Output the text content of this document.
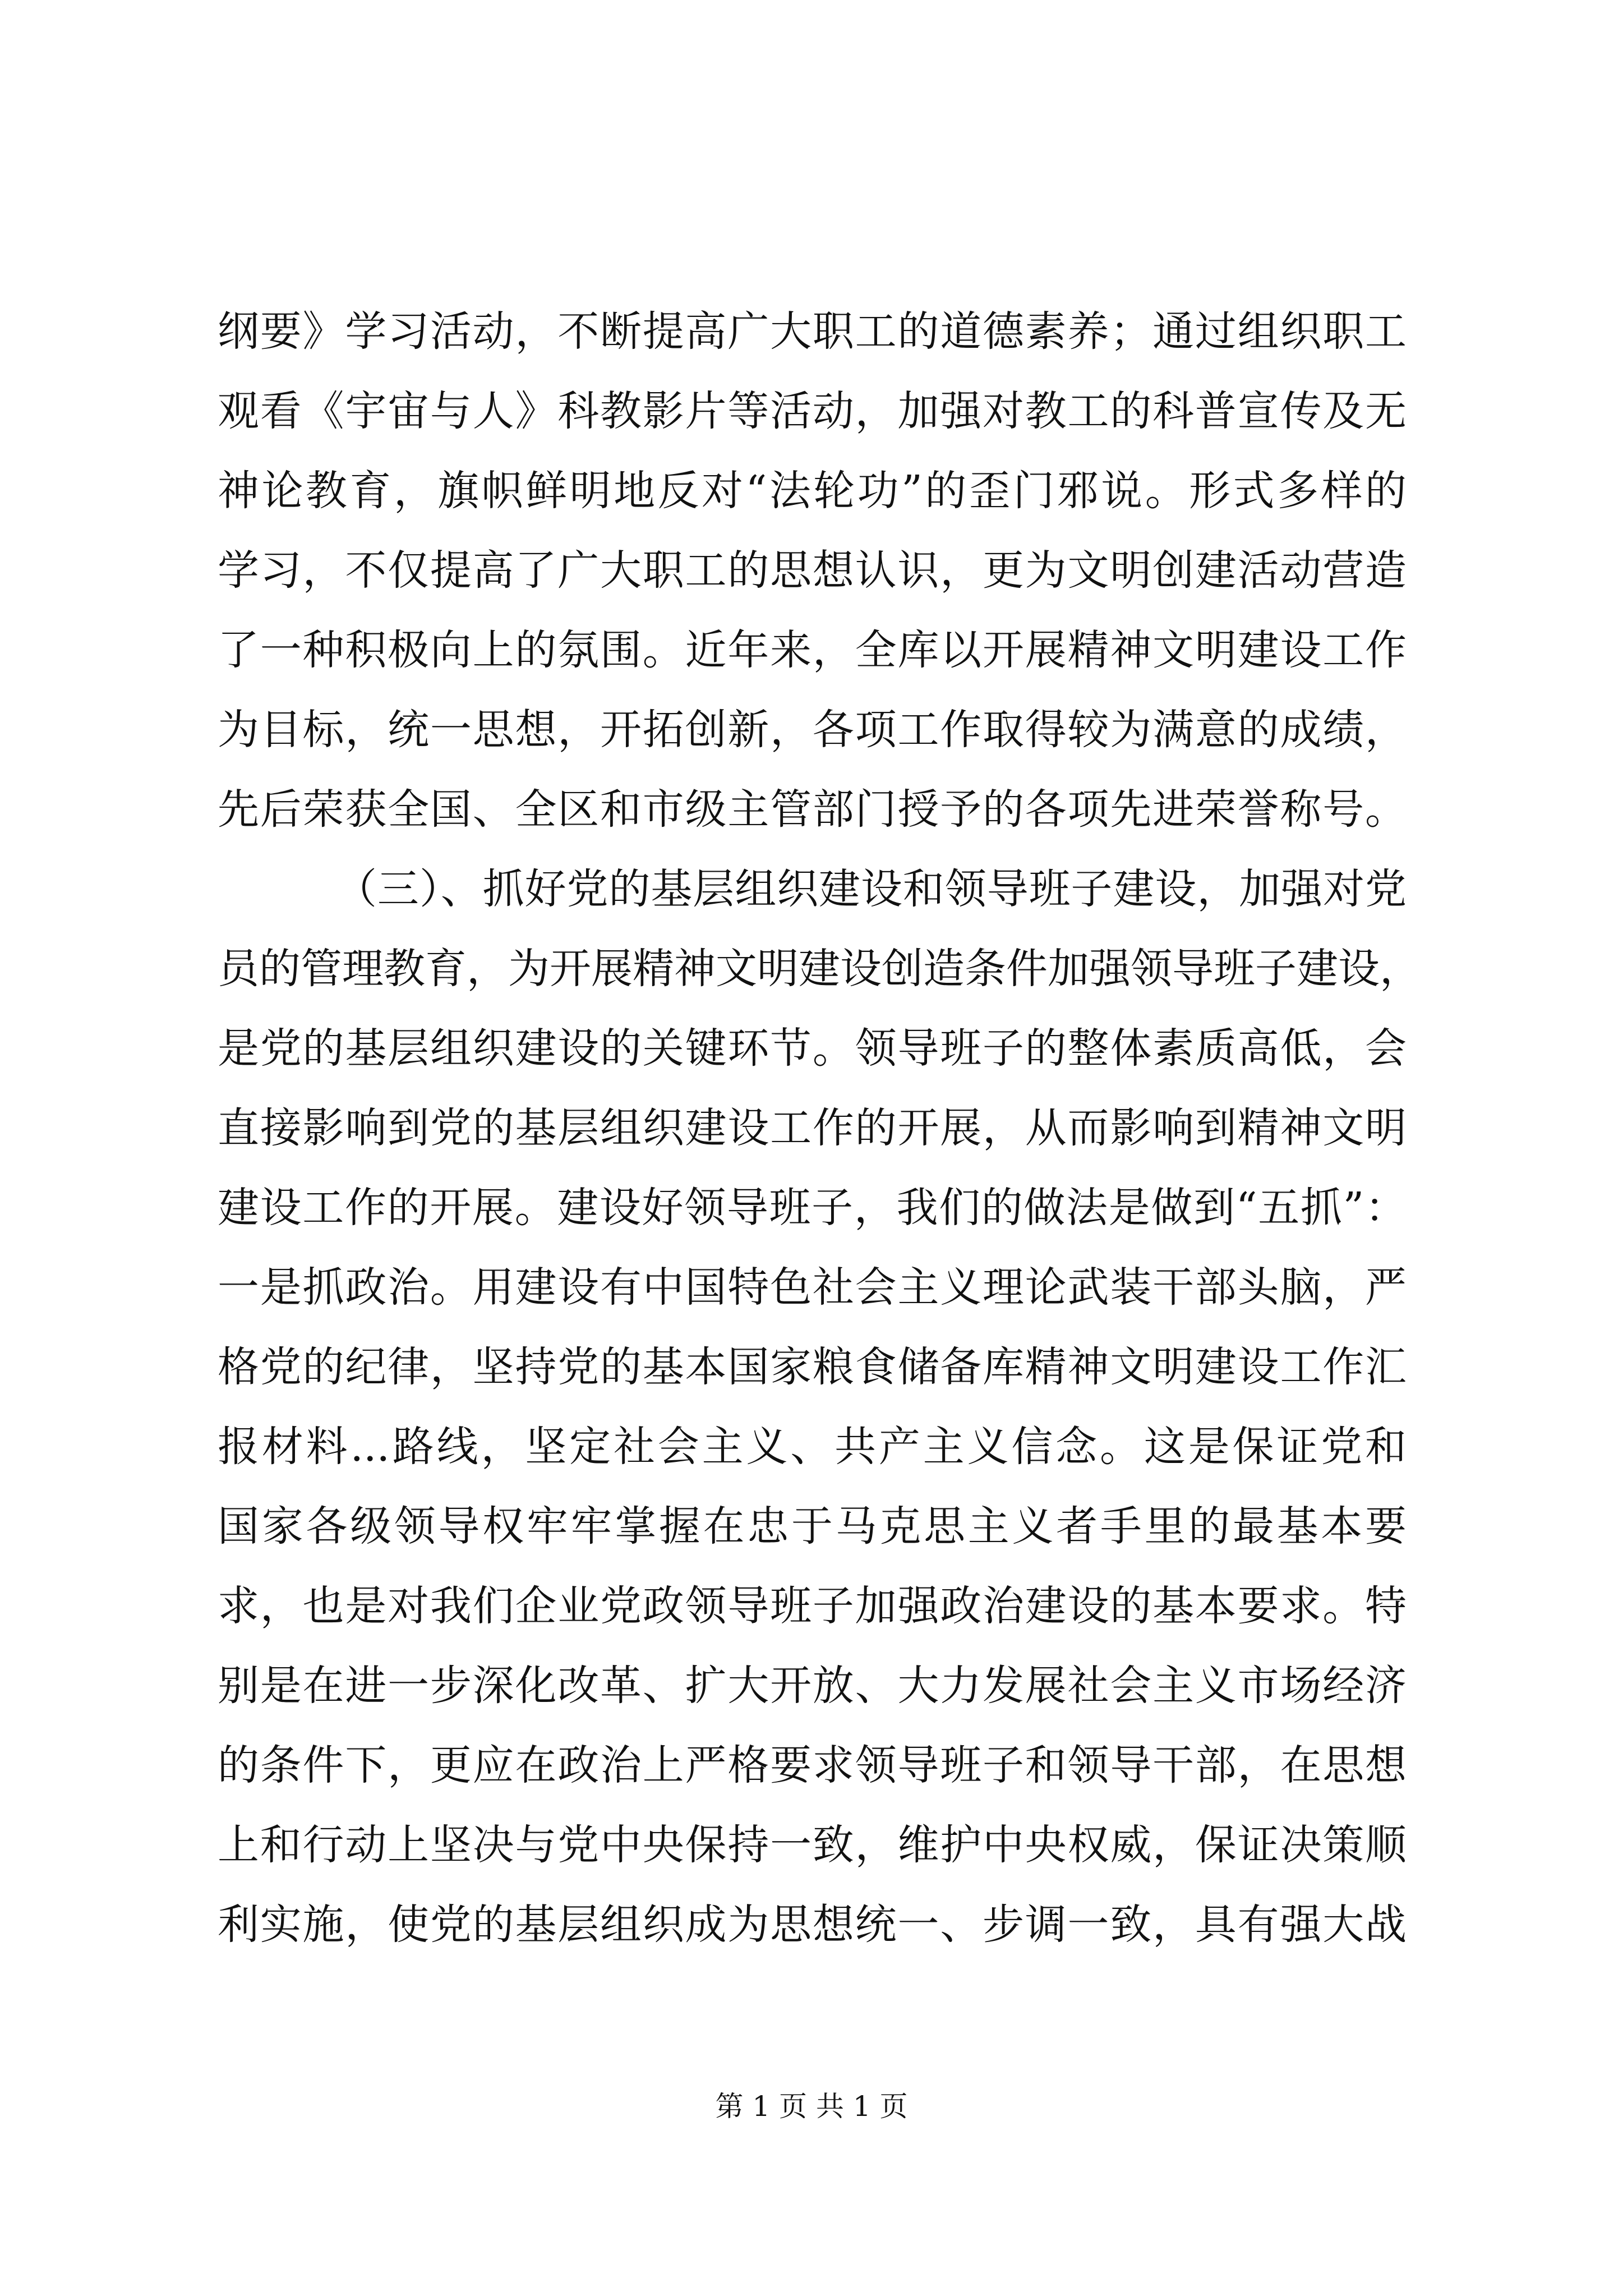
纲要》学习活动，不断提高广大职工的道德素养；通过组织职工
观看《宇宙与人》科教影片等活动，加强对教工的科普宣传及无
神论教育，旗帜鲜明地反对“法轮功”的歪门邪说。形式多样的
学习，不仅提高了广大职工的思想认识，更为文明创建活动营造
了一种积极向上的氛围。近年来，全库以开展精神文明建设工作
为目标，统一思想，开拓创新，各项工作取得较为满意的成绩，
先后荣获全国、全区和市级主管部门授予的各项先进荣誉称号。
（三）、抓好党的基层组织建设和领导班子建设，加强对党
员的管理教育，为开展精神文明建设创造条件加强领导班子建设，
是党的基层组织建设的关键环节。领导班子的整体素质高低，会
直接影响到党的基层组织建设工作的开展，从而影响到精神文明
建设工作的开展。建设好领导班子，我们的做法是做到“五抓”：
一是抓政治。用建设有中国特色社会主义理论武装干部头脑，严
格党的纪律，坚持党的基本国家粮食储备库精神文明建设工作汇
报材料...路线，坚定社会主义、共产主义信念。这是保证党和
国家各级领导权牢牢掌握在忠于马克思主义者手里的最基本要
求，也是对我们企业党政领导班子加强政治建设的基本要求。特
别是在进一步深化改革、扩大开放、大力发展社会主义市场经济
的条件下，更应在政治上严格要求领导班子和领导干部，在思想
上和行动上坚决与党中央保持一致，维护中央权威，保证决策顺
利实施，使党的基层组织成为思想统一、步调一致，具有强大战
第 1 页 共 1 页
